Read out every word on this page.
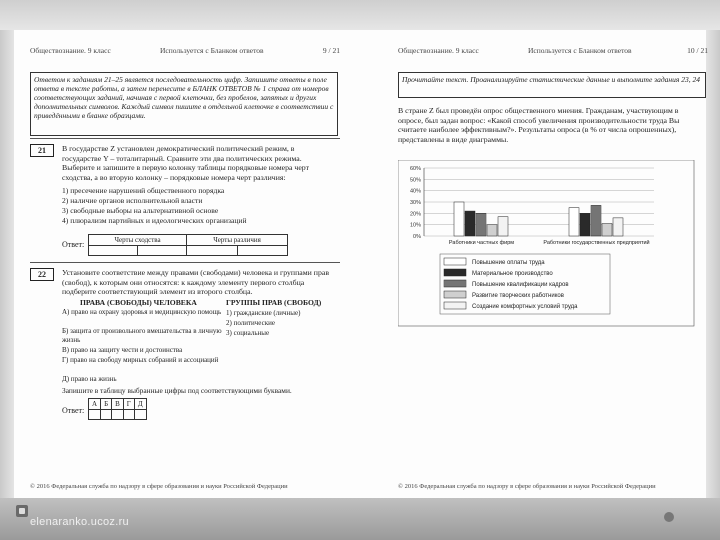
elenaranko.ucoz.ru
Обществознание. 9 класс	Используется с Бланком ответов	9 / 21
Ответом к заданиям 21–25 является последовательность цифр. Запишите ответы в поле ответа в тексте работы, а затем перенесите в БЛАНК ОТВЕТОВ № 1 справа от номеров соответствующих заданий, начиная с первой клеточки, без пробелов, запятых и других дополнительных символов. Каждый символ пишите в отдельной клеточке в соответствии с приведёнными в бланке образцами.
21	В государстве Z установлен демократический политический режим, в государстве Y – тоталитарный. Сравните эти два политических режима. Выберите и запишите в первую колонку таблицы порядковые номера черт сходства, а во вторую колонку – порядковые номера черт различия:
1) пресечение нарушений общественного порядка
2) наличие органов исполнительной власти
3) свободные выборы на альтернативной основе
4) плюрализм партийных и идеологических организаций
Ответ:	Черты сходства		Черты различия	

22	Установите соответствие между правами (свободами) человека и группами прав (свобод), к которым они относятся: к каждому элементу первого столбца подберите соответствующий элемент из второго столбца.
ПРАВА (СВОБОДЫ) ЧЕЛОВЕКА	ГРУППЫ ПРАВ (СВОБОД)
А) право на охрану здоровья и медицинскую помощь
Б) защита от произвольного вмешательства в личную жизнь
В) право на защиту чести и достоинства
Г) право на свободу мирных собраний и ассоциаций
Д) право на жизнь
1) гражданские (личные)
2) политические
3) социальные
Запишите в таблицу выбранные цифры под соответствующими буквами.
Ответ:
А	Б	В	Г	Д

© 2016 Федеральная служба по надзору в сфере образования и науки Российской Федерации
Обществознание. 9 класс	Используется с Бланком ответов	10 / 21
Прочитайте текст. Проанализируйте статистические данные и выполните задания 23, 24
В стране Z был проведён опрос общественного мнения. Гражданам, участвующим в опросе, был задан вопрос: «Какой способ увеличения производительности труда Вы считаете наиболее эффективным?». Результаты опроса (в % от числа опрошенных), представлены в виде диаграммы.
0%
10%
20%
30%
40%
50%
60%
Работники частных фирм	Работники государственных предприятий
Повышение оплаты труда
Материальное производство
Повышение квалификации кадров
Развитие творческих работников
Создание комфортных условий труда
© 2016 Федеральная служба по надзору в сфере образования и науки Российской Федерации
